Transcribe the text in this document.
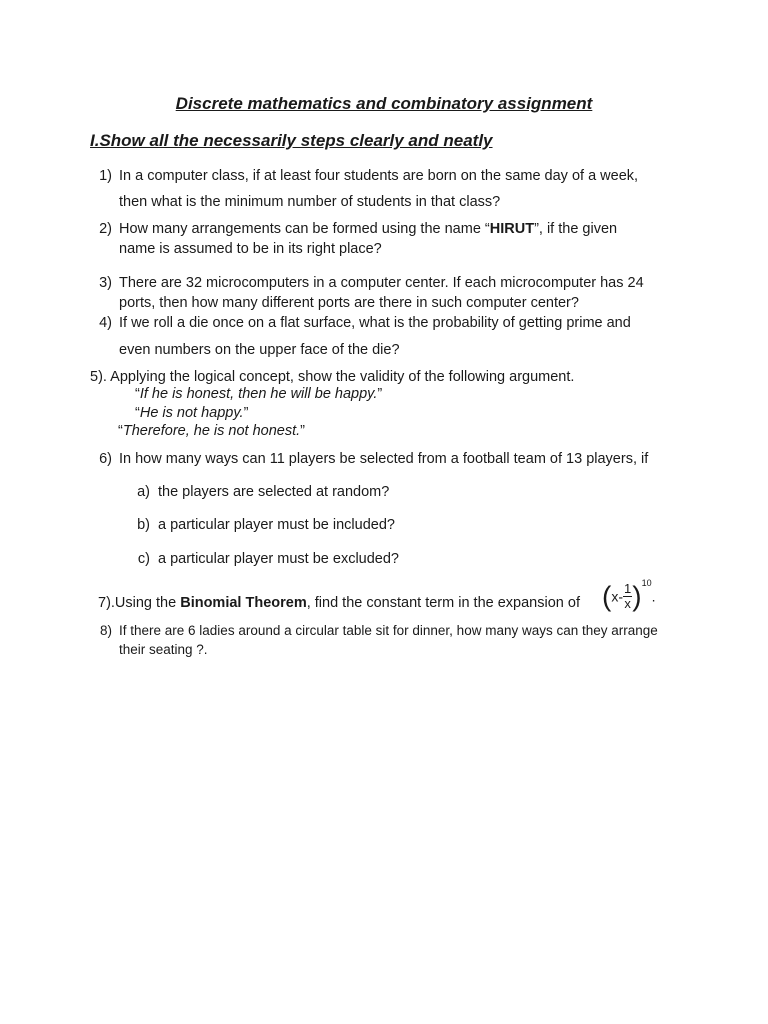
Discrete mathematics and combinatory assignment
I.Show all the necessarily steps clearly and neatly
1) In a computer class, if at least four students are born on the same day of a week,
then what is the minimum number of students in that class?
2) How many arrangements can be formed using the name “HIRUT”, if the given
name is assumed to be in its right place?
3) There are 32 microcomputers in a computer center. If each microcomputer has 24
ports, then how many different ports are there in such computer center?
4) If we roll a die once on a flat surface, what is the probability of getting prime and
even numbers on the upper face of the die?
5). Applying the logical concept, show the validity of the following argument.
“If he is honest, then he will be happy.”
“He is not happy.”
“Therefore, he is not honest.”
6) In how many ways can 11 players be selected from a football team of 13 players, if
a) the players are selected at random?
b) a particular player must be included?
c) a particular player must be excluded?
7).Using the Binomial Theorem, find the constant term in the expansion of $(x- \frac{1}{x} )^{10}$.
8) If there are 6 ladies around a circular table sit for dinner, how many ways can they arrange
their seating ?.
